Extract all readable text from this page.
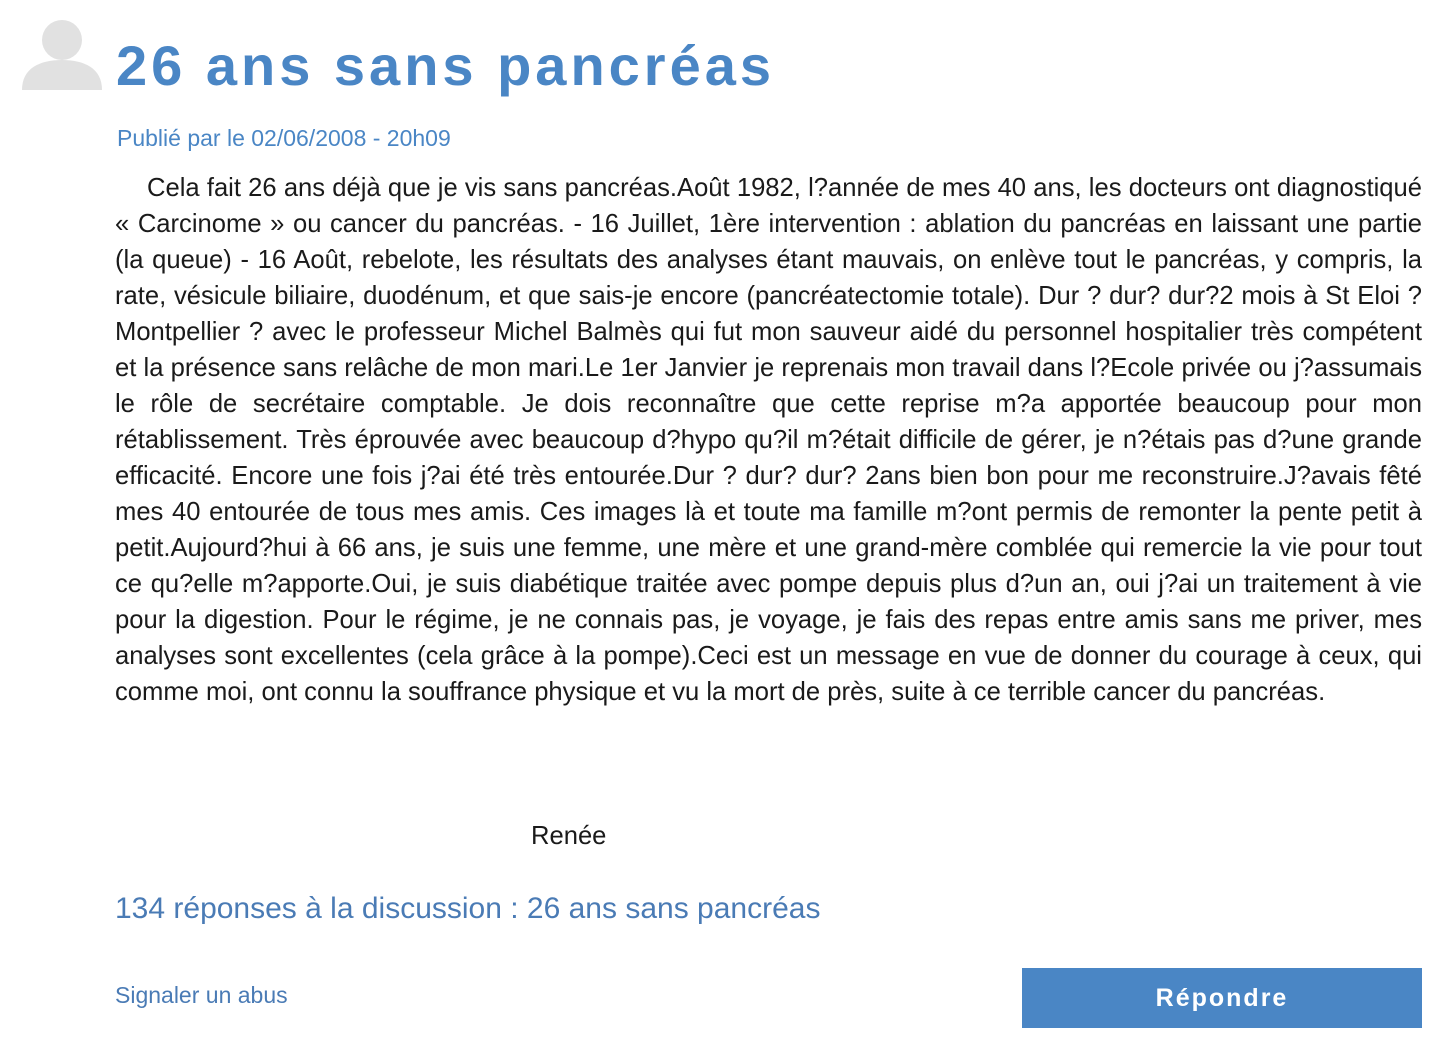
26 ans sans pancréas
Publié par le 02/06/2008 - 20h09

Cela fait 26 ans déjà que je vis sans pancréas.Août 1982, l?année de mes 40 ans, les docteurs ont diagnostiqué « Carcinome » ou cancer du pancréas. - 16 Juillet, 1ère intervention : ablation du pancréas en laissant une partie (la queue) - 16 Août, rebelote, les résultats des analyses étant mauvais, on enlève tout le pancréas, y compris, la rate, vésicule biliaire, duodénum, et que sais-je encore (pancréatectomie totale). Dur ? dur? dur?2 mois à St Eloi ? Montpellier ? avec le professeur Michel Balmès qui fut mon sauveur aidé du personnel hospitalier très compétent et la présence sans relâche de mon mari.Le 1er Janvier je reprenais mon travail dans l?Ecole privée ou j?assumais le rôle de secrétaire comptable. Je dois reconnaître que cette reprise m?a apportée beaucoup pour mon rétablissement. Très éprouvée avec beaucoup d?hypo qu?il m?était difficile de gérer, je n?étais pas d?une grande efficacité. Encore une fois j?ai été très entourée.Dur ? dur? dur? 2ans bien bon pour me reconstruire.J?avais fêté mes 40 entourée de tous mes amis. Ces images là et toute ma famille m?ont permis de remonter la pente petit à petit.Aujourd?hui à 66 ans, je suis une femme, une mère et une grand-mère comblée qui remercie la vie pour tout ce qu?elle m?apporte.Oui, je suis diabétique traitée avec pompe depuis plus d?un an, oui j?ai un traitement à vie pour la digestion. Pour le régime, je ne connais pas, je voyage, je fais des repas entre amis sans me priver, mes analyses sont excellentes (cela grâce à la pompe).Ceci est un message en vue de donner du courage à ceux, qui comme moi, ont connu la souffrance physique et vu la mort de près, suite à ce terrible cancer du pancréas.

Renée
134 réponses à la discussion : 26 ans sans pancréas
Signaler un abus	Répondre
